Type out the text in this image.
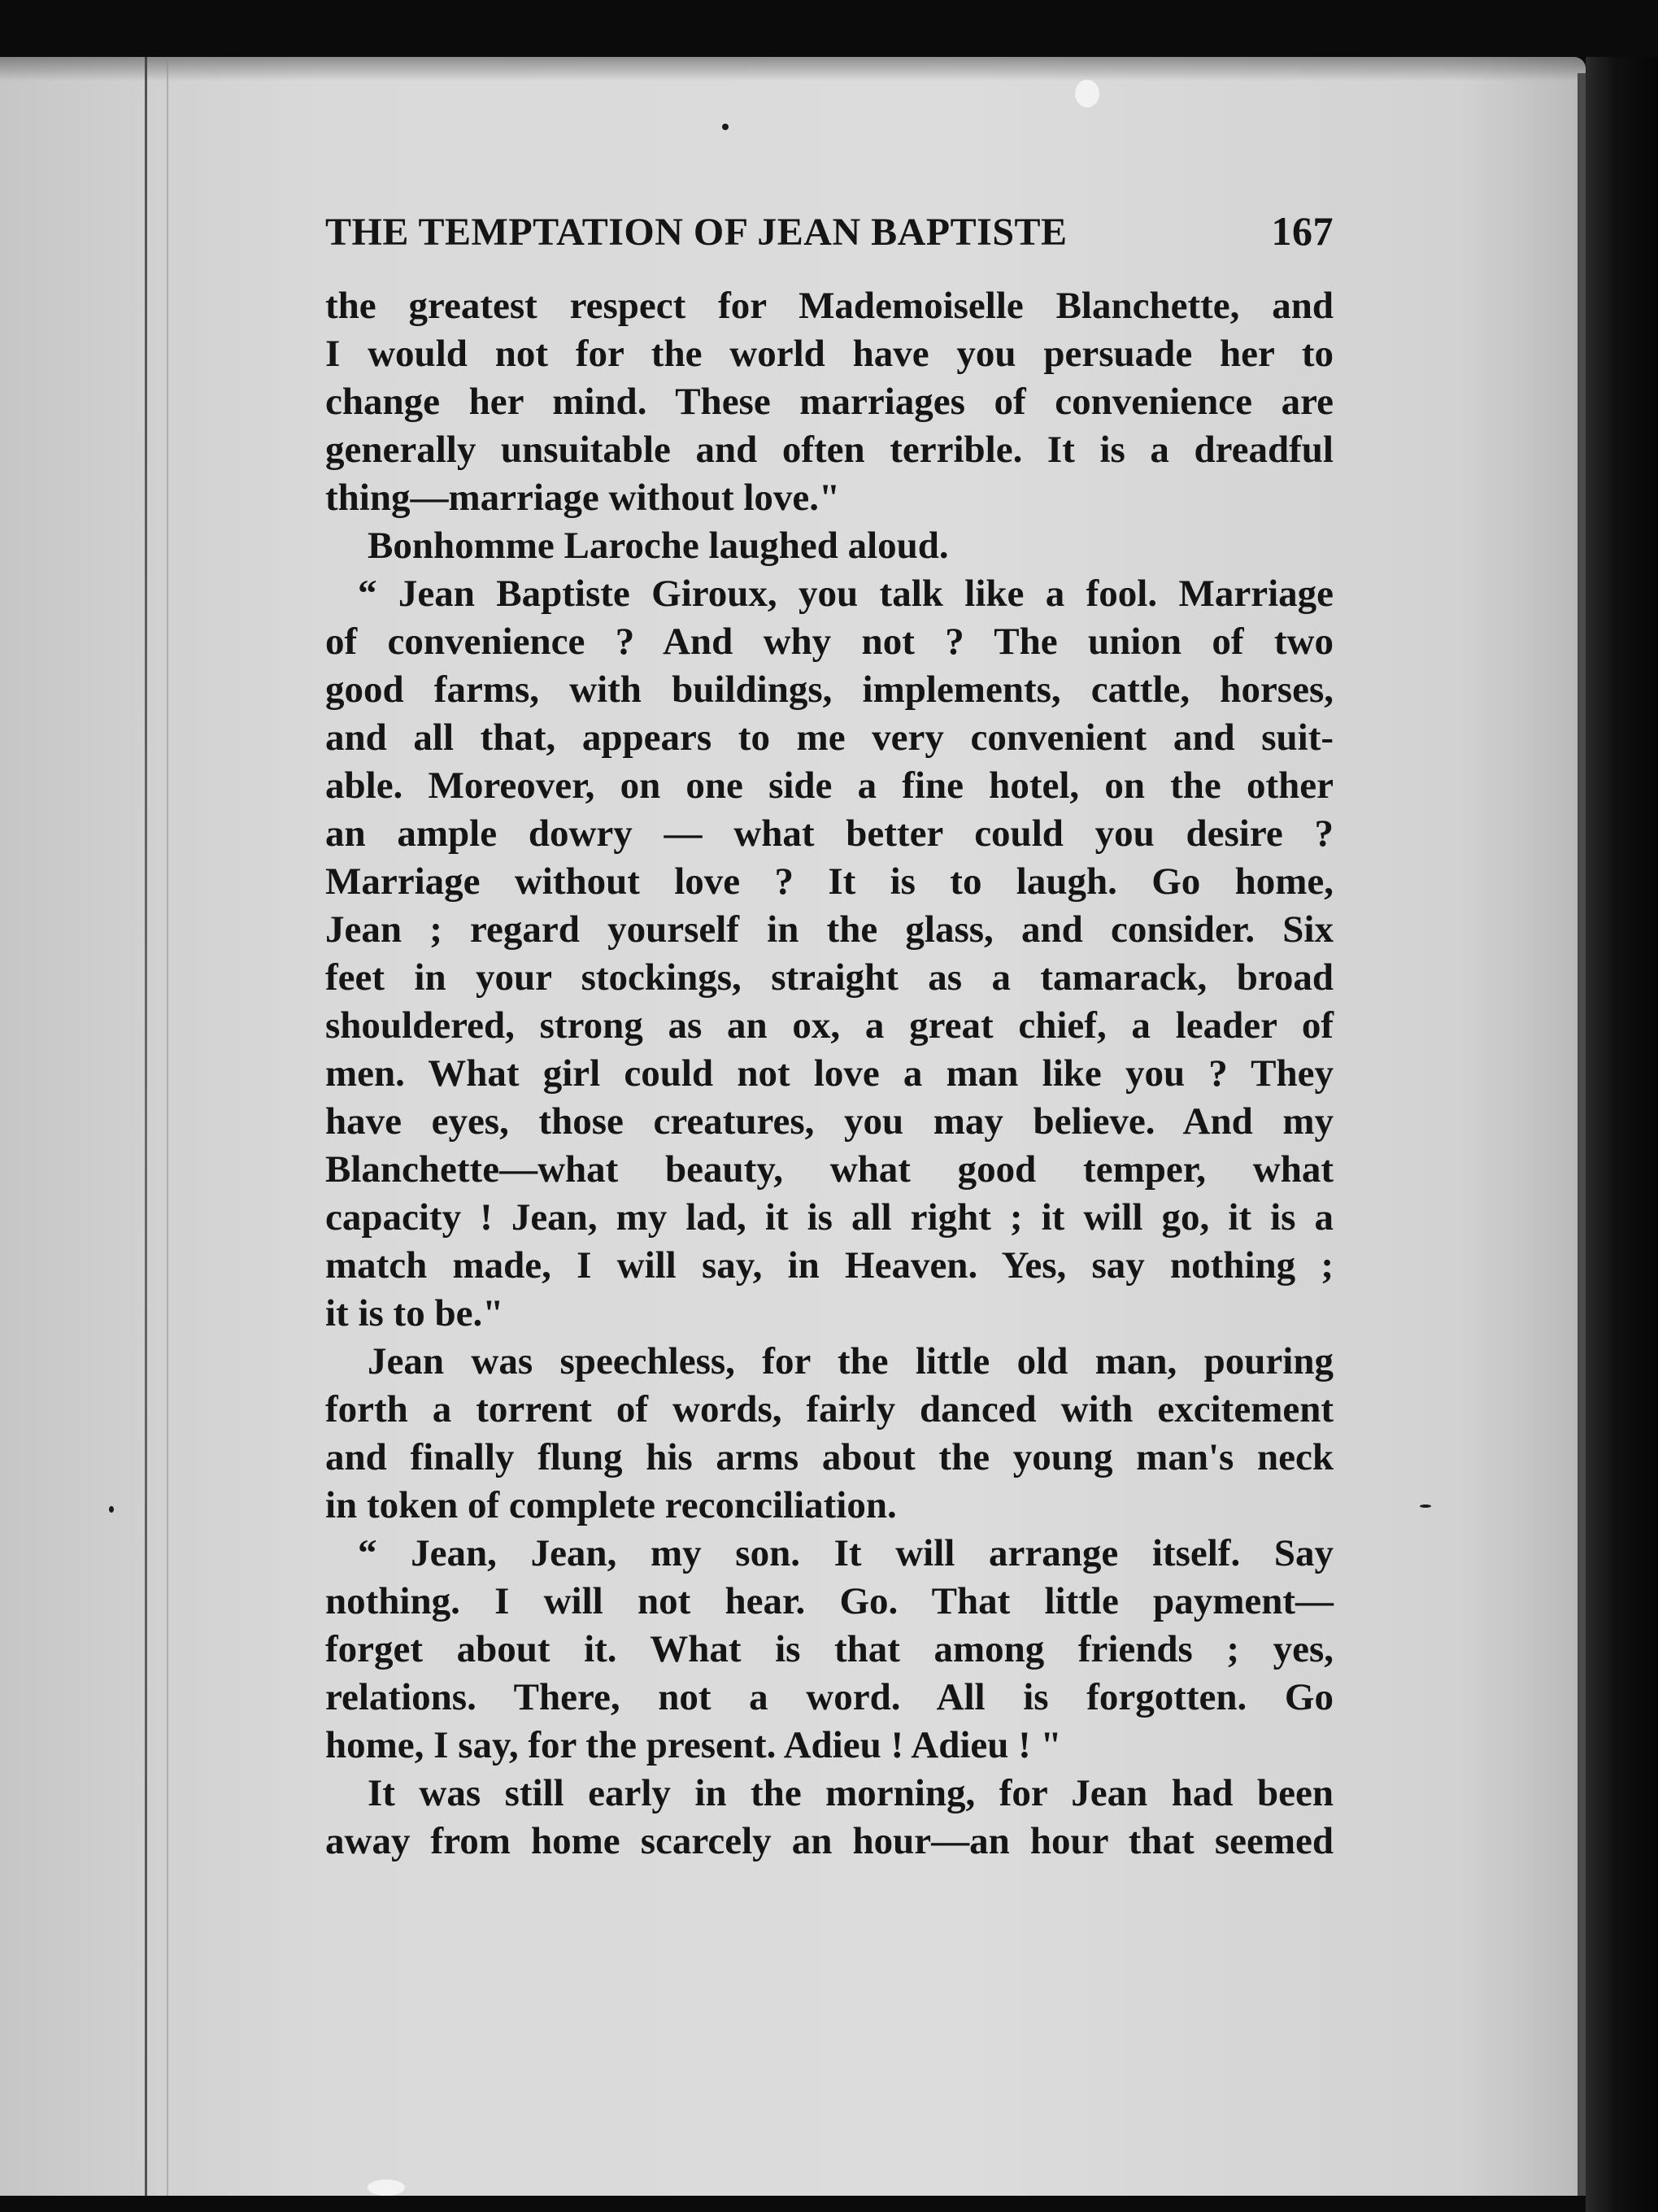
THE TEMPTATION OF JEAN BAPTISTE	167
the greatest respect for Mademoiselle Blanchette, and
I would not for the world have you persuade her to
change her mind. These marriages of convenience are
generally unsuitable and often terrible. It is a dreadful
thing—marriage without love."
Bonhomme Laroche laughed aloud.
“ Jean Baptiste Giroux, you talk like a fool. Marriage
of convenience ? And why not ? The union of two
good farms, with buildings, implements, cattle, horses,
and all that, appears to me very convenient and suit-
able. Moreover, on one side a fine hotel, on the other
an ample dowry — what better could you desire ?
Marriage without love ? It is to laugh. Go home,
Jean ; regard yourself in the glass, and consider. Six
feet in your stockings, straight as a tamarack, broad
shouldered, strong as an ox, a great chief, a leader of
men. What girl could not love a man like you ? They
have eyes, those creatures, you may believe. And my
Blanchette—what beauty, what good temper, what
capacity ! Jean, my lad, it is all right ; it will go, it is a
match made, I will say, in Heaven. Yes, say nothing ;
it is to be."
Jean was speechless, for the little old man, pouring
forth a torrent of words, fairly danced with excitement
and finally flung his arms about the young man's neck
in token of complete reconciliation.
“ Jean, Jean, my son. It will arrange itself. Say
nothing. I will not hear. Go. That little payment—
forget about it. What is that among friends ; yes,
relations. There, not a word. All is forgotten. Go
home, I say, for the present. Adieu ! Adieu ! "
It was still early in the morning, for Jean had been
away from home scarcely an hour—an hour that seemed
